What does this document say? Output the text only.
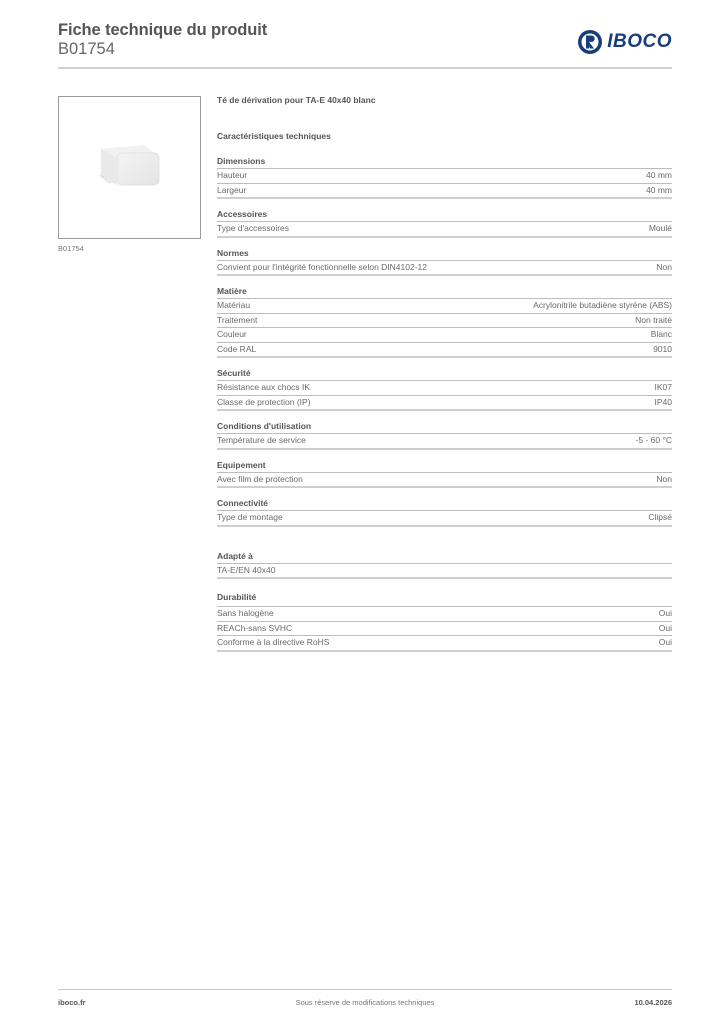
Fiche technique du produit
B01754	IBOCO
B01754
Té de dérivation pour TA-E 40x40 blanc
Caractéristiques techniques
Dimensions
Hauteur	40 mm
Largeur	40 mm
Accessoires
Type d'accessoires	Moulé
Normes
Convient pour l'intégrité fonctionnelle selon DIN4102-12	Non
Matière
Matériau	Acrylonitrile butadiène styrène (ABS)
Traitement	Non traité
Couleur	Blanc
Code RAL	9010
Sécurité
Résistance aux chocs IK	IK07
Classe de protection (IP)	IP40
Conditions d'utilisation
Température de service	-5 - 60 °C
Equipement
Avec film de protection	Non
Connectivité
Type de montage	Clipsé
Adapté à
TA-E/EN 40x40
Durabilité
Sans halogène	Oui
REACh-sans SVHC	Oui
Conforme à la directive RoHS	Oui
iboco.fr	Sous réserve de modifications techniques	10.04.2026
